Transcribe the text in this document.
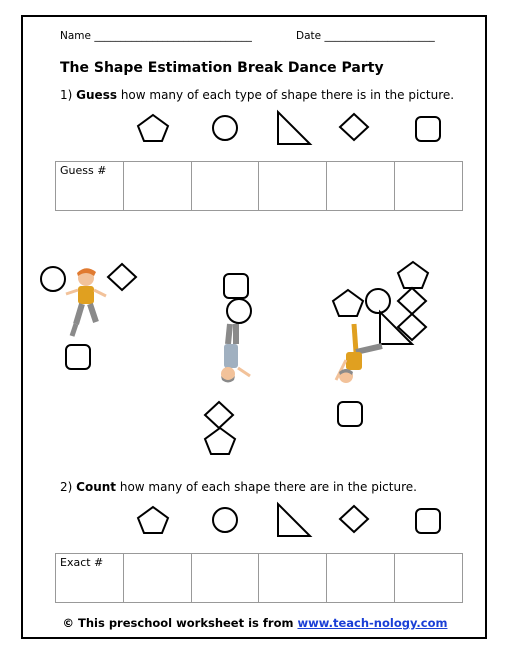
Name ______________________________	Date _____________________
The Shape Estimation Break Dance Party
1) Guess how many of each type of shape there is in the picture.
Guess #					
2) Count how many of each shape there are in the picture.
Exact #					
© This preschool worksheet is from www.teach-nology.com
